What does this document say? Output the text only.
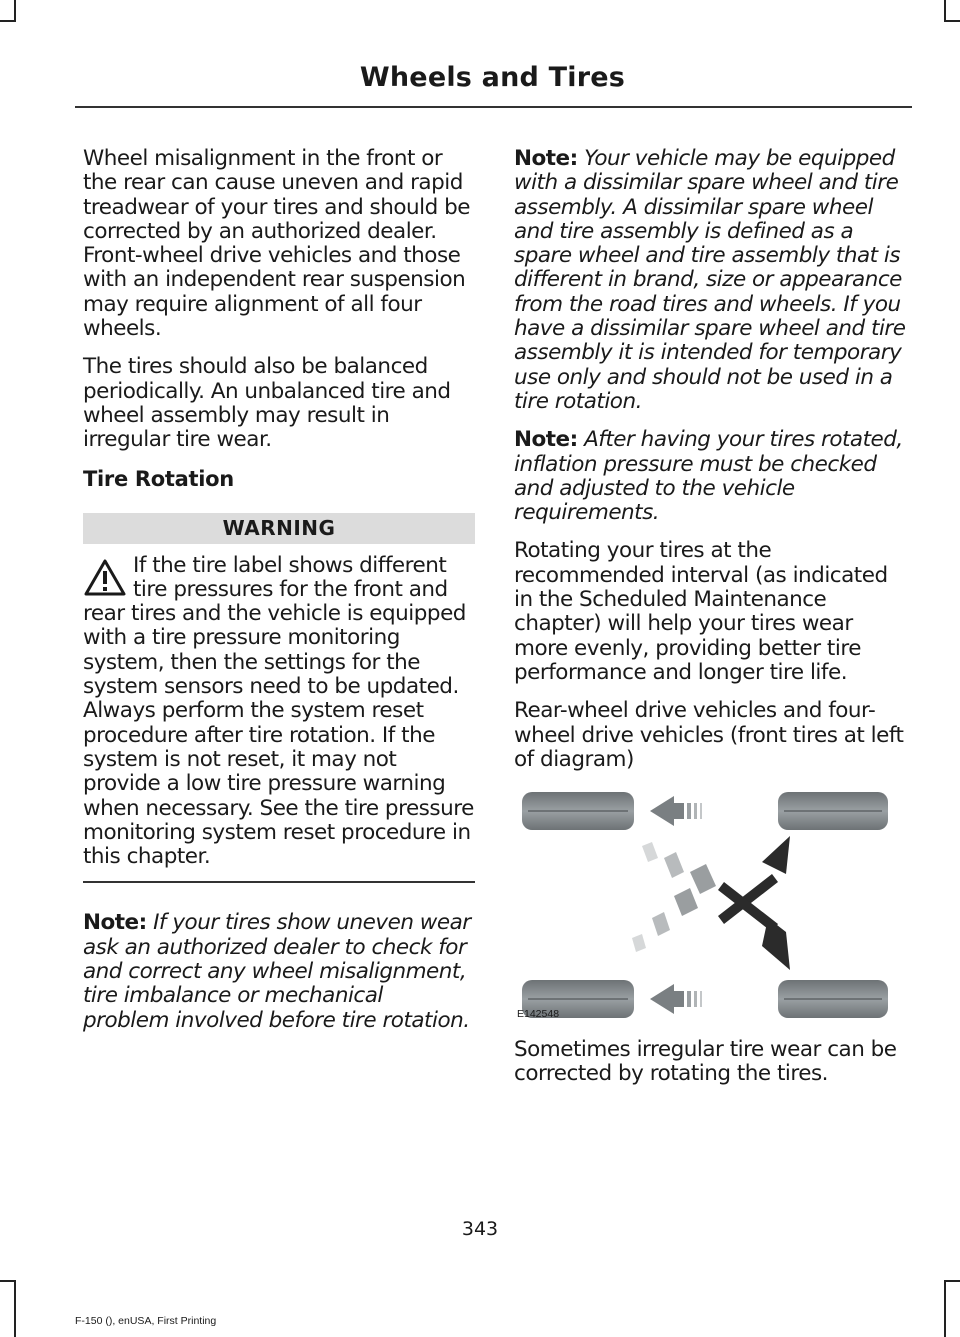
Wheels and Tires

Wheel misalignment in the front or the rear can cause uneven and rapid treadwear of your tires and should be corrected by an authorized dealer. Front-wheel drive vehicles and those with an independent rear suspension may require alignment of all four wheels.

The tires should also be balanced periodically. An unbalanced tire and wheel assembly may result in irregular tire wear.

Tire Rotation
WARNING

If the tire label shows different tire pressures for the front and rear tires and the vehicle is equipped with a tire pressure monitoring system, then the settings for the system sensors need to be updated. Always perform the system reset procedure after tire rotation. If the system is not reset, it may not provide a low tire pressure warning when necessary. See the tire pressure monitoring system reset procedure in this chapter.

Note: If your tires show uneven wear ask an authorized dealer to check for and correct any wheel misalignment, tire imbalance or mechanical problem involved before tire rotation.

Note: Your vehicle may be equipped with a dissimilar spare wheel and tire assembly. A dissimilar spare wheel and tire assembly is defined as a spare wheel and tire assembly that is different in brand, size or appearance from the road tires and wheels. If you have a dissimilar spare wheel and tire assembly it is intended for temporary use only and should not be used in a tire rotation.

Note: After having your tires rotated, inflation pressure must be checked and adjusted to the vehicle requirements.

Rotating your tires at the recommended interval (as indicated in the Scheduled Maintenance chapter) will help your tires wear more evenly, providing better tire performance and longer tire life.

Rear-wheel drive vehicles and four-wheel drive vehicles (front tires at left of diagram)

E142548

Sometimes irregular tire wear can be corrected by rotating the tires.

343
F-150 (), enUSA, First Printing
